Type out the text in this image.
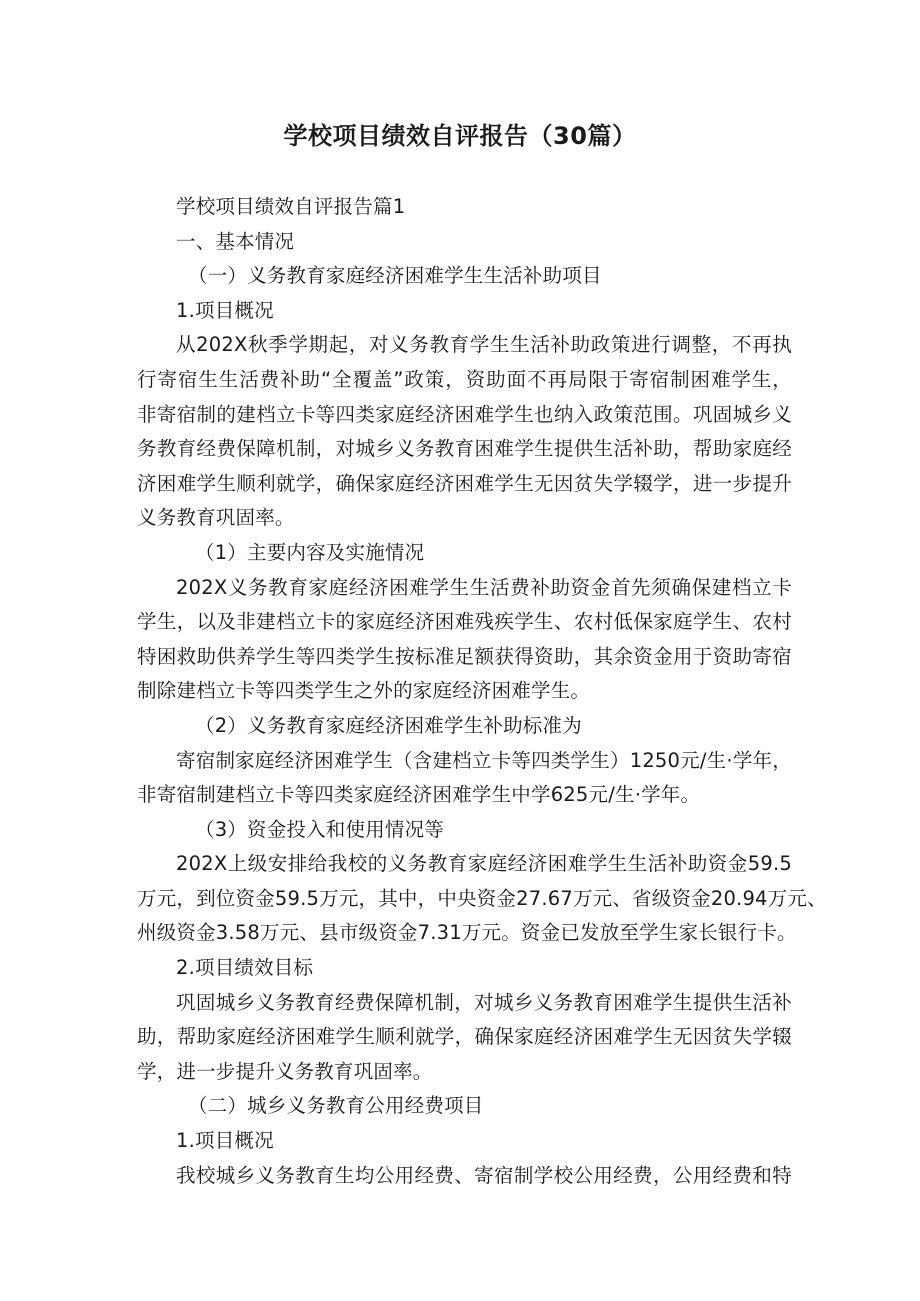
学校项目绩效自评报告（30篇）
学校项目绩效自评报告篇1
一、基本情况
（一）义务教育家庭经济困难学生生活补助项目
1.项目概况
从202X秋季学期起，对义务教育学生生活补助政策进行调整，不再执
行寄宿生生活费补助“全覆盖”政策，资助面不再局限于寄宿制困难学生，
非寄宿制的建档立卡等四类家庭经济困难学生也纳入政策范围。巩固城乡义
务教育经费保障机制，对城乡义务教育困难学生提供生活补助，帮助家庭经
济困难学生顺利就学，确保家庭经济困难学生无因贫失学辍学，进一步提升
义务教育巩固率。
（1）主要内容及实施情况
202X义务教育家庭经济困难学生生活费补助资金首先须确保建档立卡
学生，以及非建档立卡的家庭经济困难残疾学生、农村低保家庭学生、农村
特困救助供养学生等四类学生按标准足额获得资助，其余资金用于资助寄宿
制除建档立卡等四类学生之外的家庭经济困难学生。
（2）义务教育家庭经济困难学生补助标准为
寄宿制家庭经济困难学生（含建档立卡等四类学生）1250元/生·学年，
非寄宿制建档立卡等四类家庭经济困难学生中学625元/生·学年。
（3）资金投入和使用情况等
202X上级安排给我校的义务教育家庭经济困难学生生活补助资金59.5
万元，到位资金59.5万元，其中，中央资金27.67万元、省级资金20.94万元、
州级资金3.58万元、县市级资金7.31万元。资金已发放至学生家长银行卡。
2.项目绩效目标
巩固城乡义务教育经费保障机制，对城乡义务教育困难学生提供生活补
助，帮助家庭经济困难学生顺利就学，确保家庭经济困难学生无因贫失学辍
学，进一步提升义务教育巩固率。
（二）城乡义务教育公用经费项目
1.项目概况
我校城乡义务教育生均公用经费、寄宿制学校公用经费，公用经费和特
